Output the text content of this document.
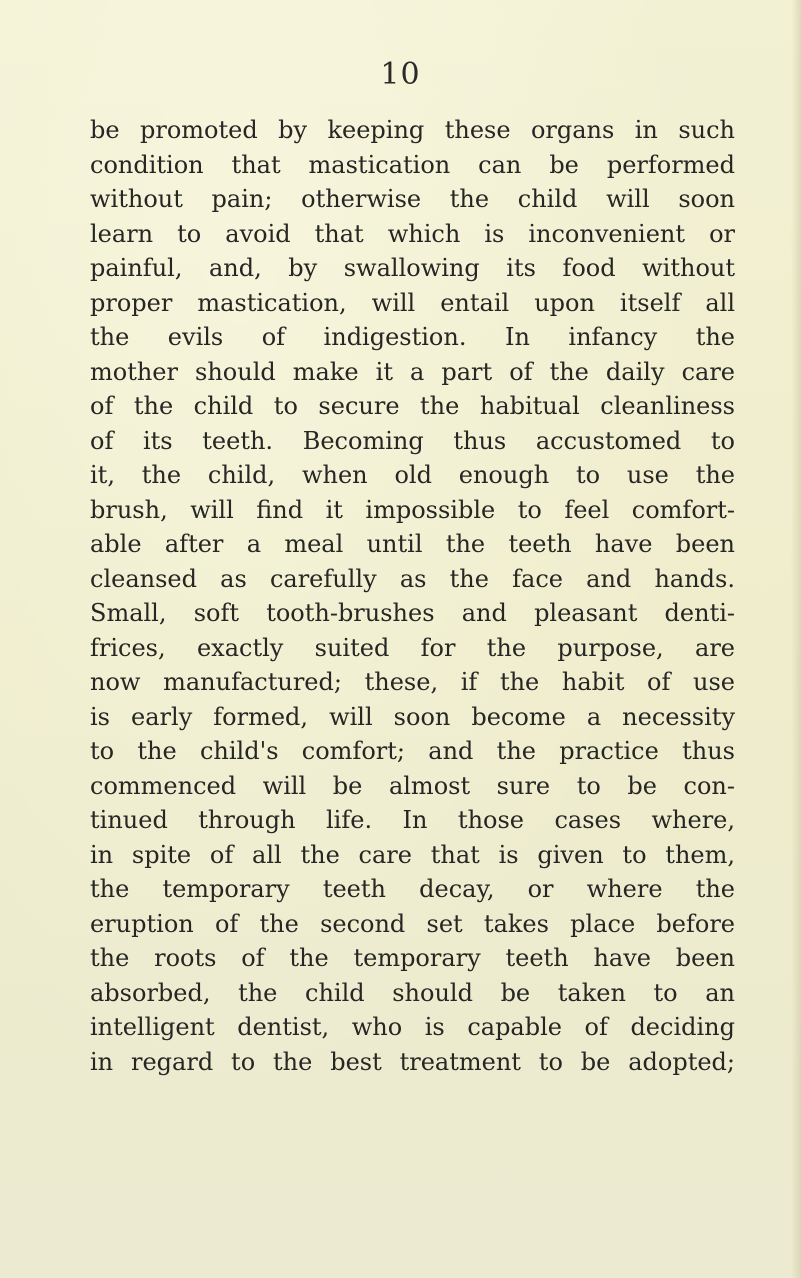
10
be promoted by keeping these organs in such
condition that mastication can be performed
without pain; otherwise the child will soon
learn to avoid that which is inconvenient or
painful, and, by swallowing its food without
proper mastication, will entail upon itself all
the evils of indigestion. In infancy the
mother should make it a part of the daily care
of the child to secure the habitual cleanliness
of its teeth. Becoming thus accustomed to
it, the child, when old enough to use the
brush, will find it impossible to feel comfort-
able after a meal until the teeth have been
cleansed as carefully as the face and hands.
Small, soft tooth-brushes and pleasant denti-
frices, exactly suited for the purpose, are
now manufactured; these, if the habit of use
is early formed, will soon become a necessity
to the child's comfort; and the practice thus
commenced will be almost sure to be con-
tinued through life. In those cases where,
in spite of all the care that is given to them,
the temporary teeth decay, or where the
eruption of the second set takes place before
the roots of the temporary teeth have been
absorbed, the child should be taken to an
intelligent dentist, who is capable of deciding
in regard to the best treatment to be adopted;
